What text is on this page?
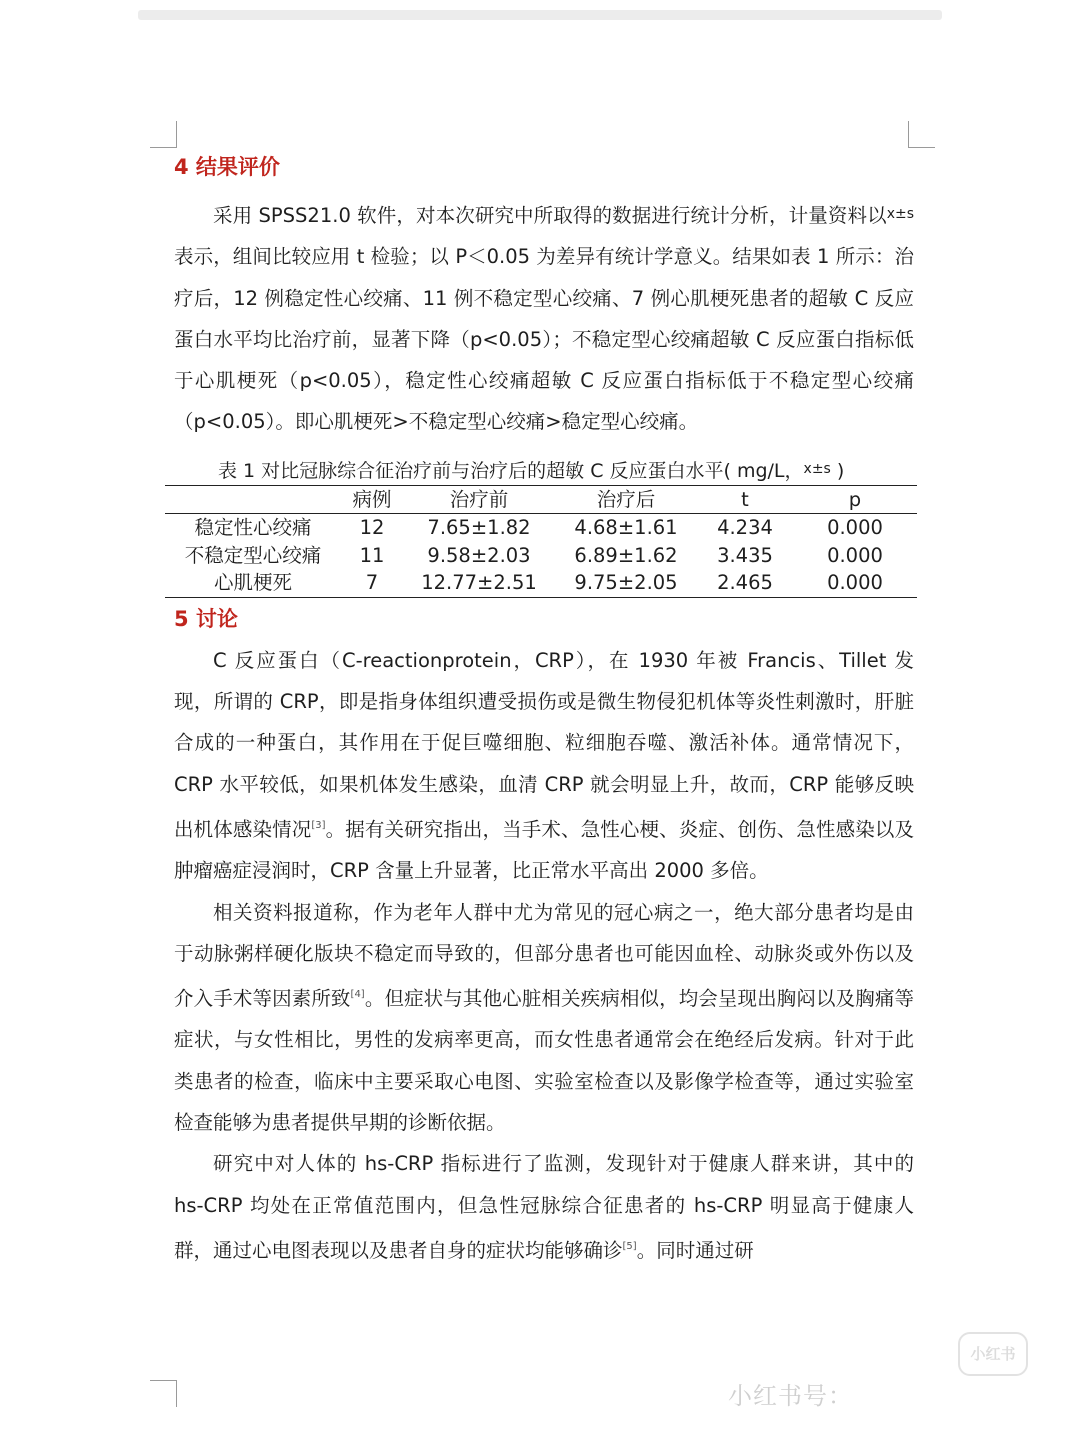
4 结果评价

采用 SPSS21.0 软件，对本次研究中所取得的数据进行统计分析，计量资料以$^{x\pm s}$表示，组间比较应用 t 检验；以 P＜0.05 为差异有统计学意义。结果如表 1 所示：治疗后，12 例稳定性心绞痛、11 例不稳定型心绞痛、7 例心肌梗死患者的超敏 C 反应蛋白水平均比治疗前，显著下降（p<0.05）；不稳定型心绞痛超敏 C 反应蛋白指标低于心肌梗死（p<0.05），稳定性心绞痛超敏 C 反应蛋白指标低于不稳定型心绞痛（p<0.05）。即心肌梗死>不稳定型心绞痛>稳定型心绞痛。

表 1 对比冠脉综合征治疗前与治疗后的超敏 C 反应蛋白水平( mg/L，$^{x\pm s}$ )

	病例	治疗前	治疗后	t	p
稳定性心绞痛	12	7.65±1.82	4.68±1.61	4.234	0.000
不稳定型心绞痛	11	9.58±2.03	6.89±1.62	3.435	0.000
心肌梗死	7	12.77±2.51	9.75±2.05	2.465	0.000
5 讨论

C 反应蛋白（C-reactionprotein，CRP），在 1930 年被 Francis、Tillet 发现，所谓的 CRP，即是指身体组织遭受损伤或是微生物侵犯机体等炎性刺激时，肝脏合成的一种蛋白，其作用在于促巨噬细胞、粒细胞吞噬、激活补体。通常情况下，CRP 水平较低，如果机体发生感染，血清 CRP 就会明显上升，故而，CRP 能够反映出机体感染情况[3]。据有关研究指出，当手术、急性心梗、炎症、创伤、急性感染以及肿瘤癌症浸润时，CRP 含量上升显著，比正常水平高出 2000 多倍。

相关资料报道称，作为老年人群中尤为常见的冠心病之一，绝大部分患者均是由于动脉粥样硬化版块不稳定而导致的，但部分患者也可能因血栓、动脉炎或外伤以及介入手术等因素所致[4]。但症状与其他心脏相关疾病相似，均会呈现出胸闷以及胸痛等症状，与女性相比，男性的发病率更高，而女性患者通常会在绝经后发病。针对于此类患者的检查，临床中主要采取心电图、实验室检查以及影像学检查等，通过实验室检查能够为患者提供早期的诊断依据。

研究中对人体的 hs-CRP 指标进行了监测，发现针对于健康人群来讲，其中的 hs-CRP 均处在正常值范围内，但急性冠脉综合征患者的 hs-CRP 明显高于健康人群，通过心电图表现以及患者自身的症状均能够确诊[5]。同时通过研

小红书
小红书号：
